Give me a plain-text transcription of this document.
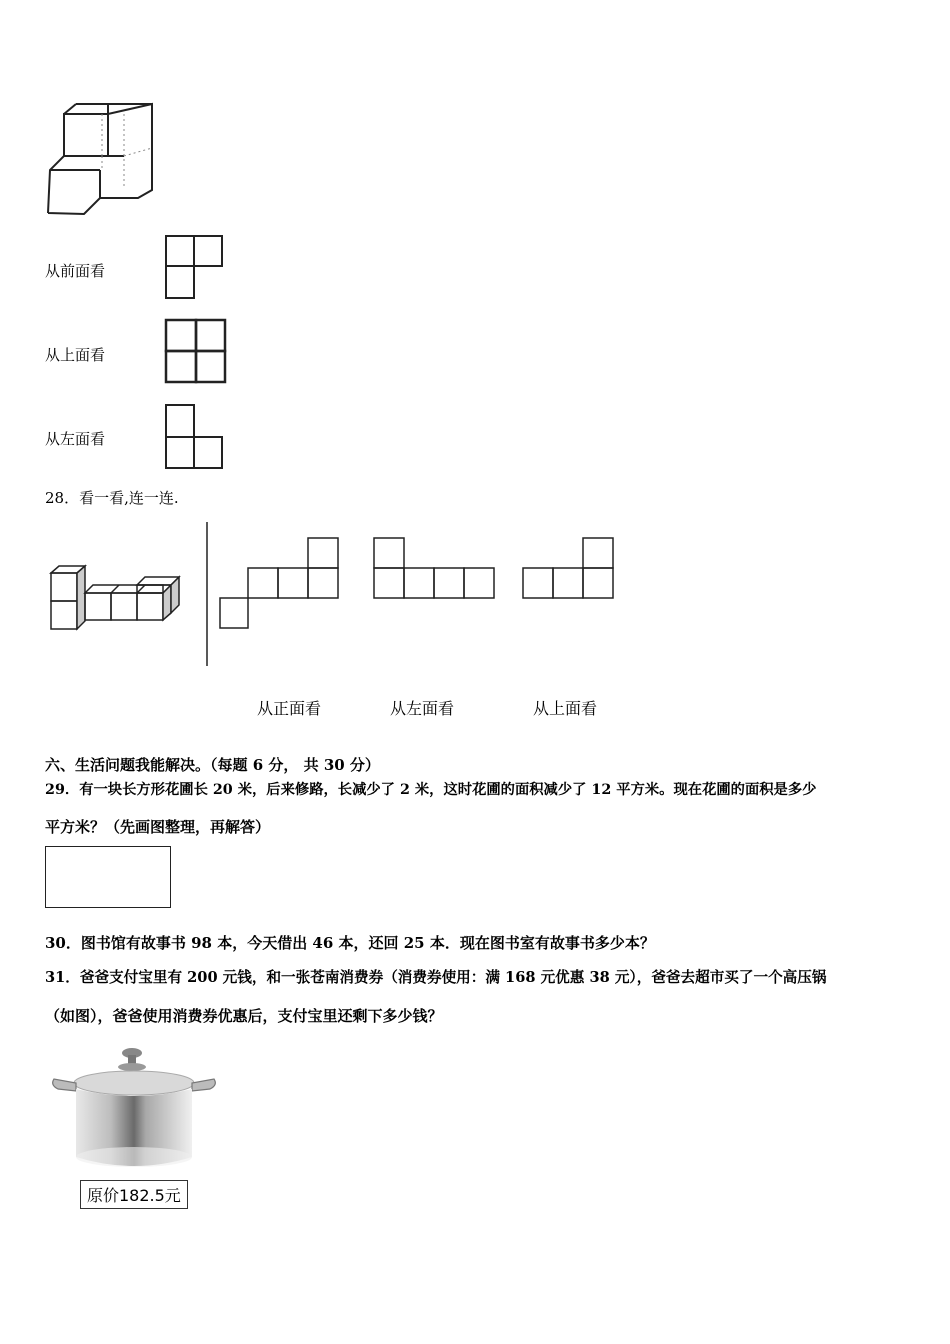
从前面看
从上面看
从左面看
28．看一看,连一连.
从正面看	从左面看	从上面看
六、生活问题我能解决。（每题 6 分， 共 30 分）
29．有一块长方形花圃长 20 米，后来修路，长减少了 2 米，这时花圃的面积减少了 12 平方米。现在花圃的面积是多少
平方米？（先画图整理，再解答）
30．图书馆有故事书 98 本，今天借出 46 本，还回 25 本．现在图书室有故事书多少本？
31．爸爸支付宝里有 200 元钱，和一张苍南消费券（消费券使用：满 168 元优惠 38 元），爸爸去超市买了一个高压锅
（如图），爸爸使用消费券优惠后，支付宝里还剩下多少钱？
原价182.5元
